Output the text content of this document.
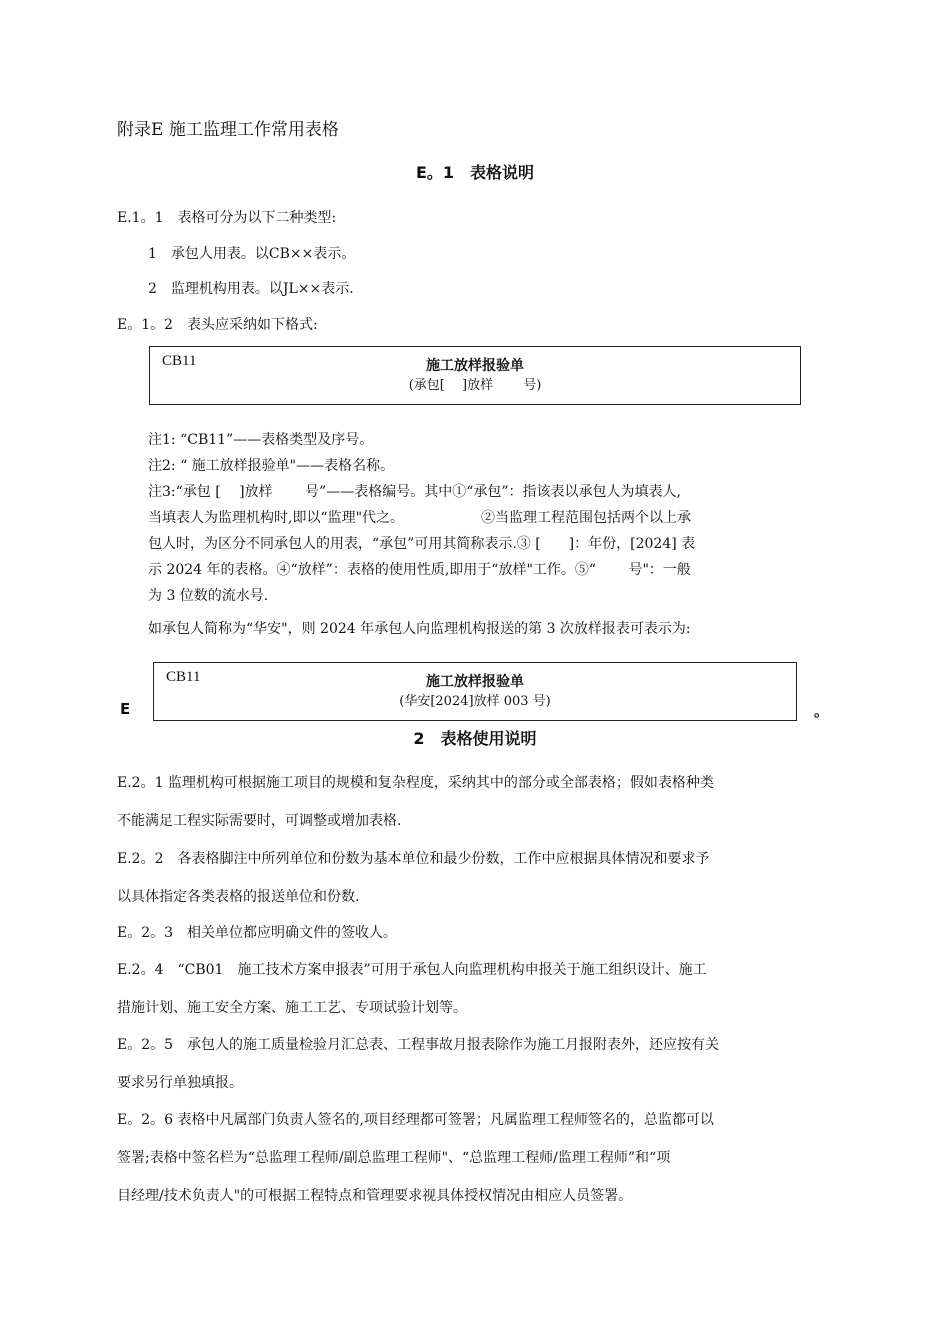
附录E 施工监理工作常用表格
E。1　表格说明
E.1。1　表格可分为以下二种类型:
1　承包人用表。以CB××表示。
2　监理机构用表。以JL××表示.
E。1。2　表头应采纳如下格式:
CB11	施工放样报验单
(承包[　 ]放样　　 号)
注1: “CB11”——表格类型及序号。
注2: “ 施工放样报验单"——表格名称。
注3:“承包 [　 ]放样　　 号”——表格编号。其中①“承包”：指该表以承包人为填表人,
当填表人为监理机构时,即以“监理"代之。　　　　　　②当监理工程范围包括两个以上承
包人时，为区分不同承包人的用表，“承包”可用其简称表示.③ [　　]：年份，[2024] 表
示 2024 年的表格。④“放样”：表格的使用性质,即用于“放样"工作。⑤“　　 号"：一般
为 3 位数的流水号.
如承包人简称为“华安"，则 2024 年承包人向监理机构报送的第 3 次放样报表可表示为:
CB11	施工放样报验单
(华安[2024]放样 003 号)
E	。
2　表格使用说明
E.2。1 监理机构可根据施工项目的规模和复杂程度，采纳其中的部分或全部表格；假如表格种类
不能满足工程实际需要时，可调整或增加表格.
E.2。2　各表格脚注中所列单位和份数为基本单位和最少份数，工作中应根据具体情况和要求予
以具体指定各类表格的报送单位和份数.
E。2。3　相关单位都应明确文件的签收人。
E.2。4　“CB01　施工技术方案申报表”可用于承包人向监理机构申报关于施工组织设计、施工
措施计划、施工安全方案、施工工艺、专项试验计划等。
E。2。5　承包人的施工质量检验月汇总表、工程事故月报表除作为施工月报附表外，还应按有关
要求另行单独填报。
E。2。6 表格中凡属部门负责人签名的,项目经理都可签署；凡属监理工程师签名的，总监都可以
签署;表格中签名栏为“总监理工程师/副总监理工程师"、“总监理工程师/监理工程师”和“项
目经理/技术负责人"的可根据工程特点和管理要求视具体授权情况由相应人员签署。
